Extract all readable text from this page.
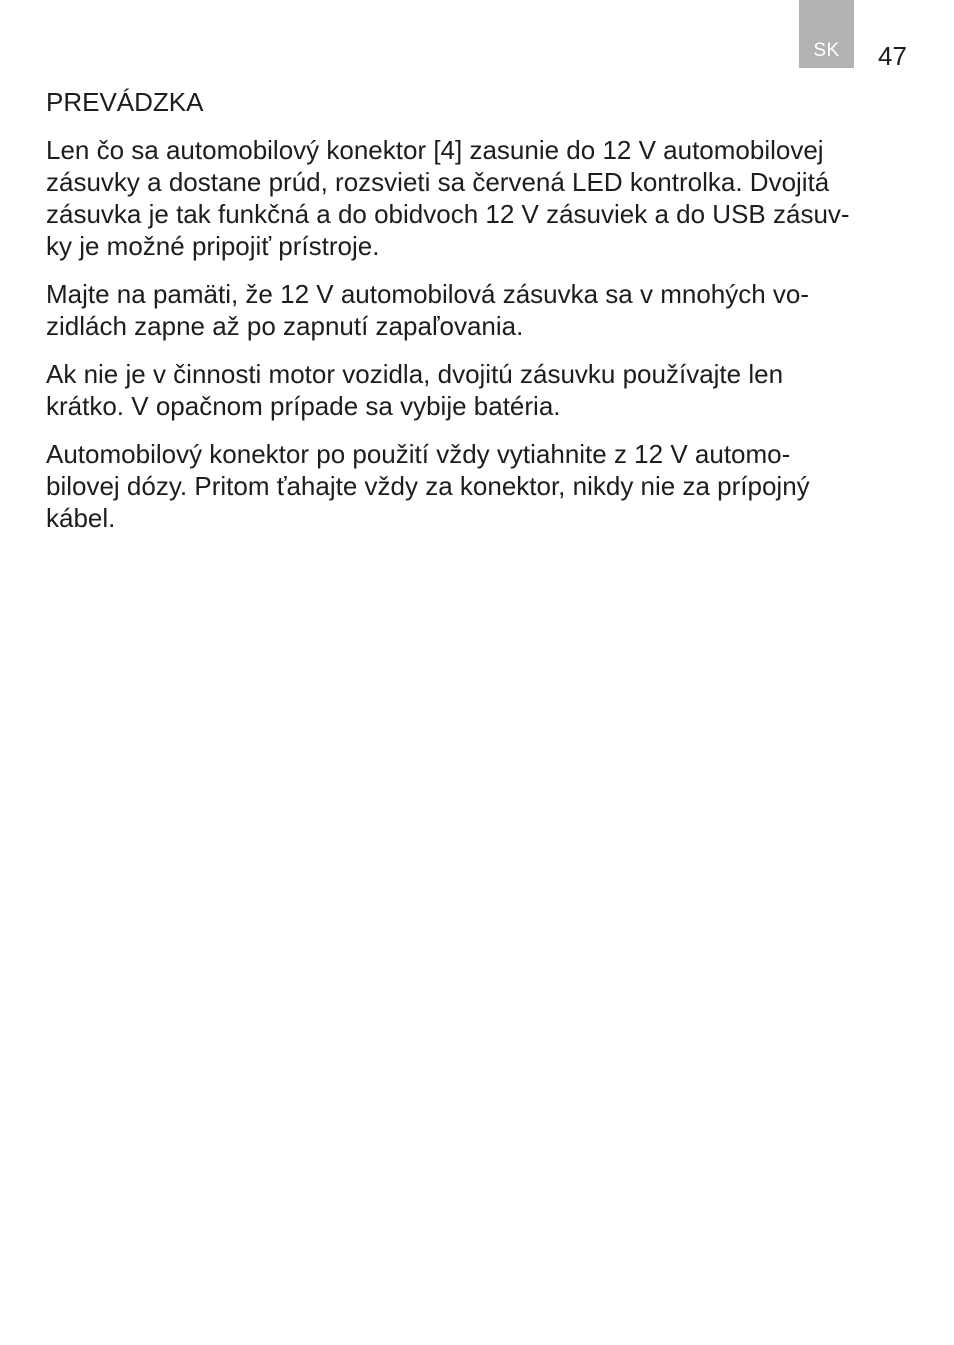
SK 47
PREVÁDZKA

Len čo sa automobilový konektor [4] zasunie do 12 V automobilovej
zásuvky a dostane prúd, rozsvieti sa červená LED kontrolka. Dvojitá
zásuvka je tak funkčná a do obidvoch 12 V zásuviek a do USB zásuv-
ky je možné pripojiť prístroje.

Majte na pamäti, že 12 V automobilová zásuvka sa v mnohých vo-
zidlách zapne až po zapnutí zapaľovania.

Ak nie je v činnosti motor vozidla, dvojitú zásuvku používajte len
krátko. V opačnom prípade sa vybije batéria.

Automobilový konektor po použití vždy vytiahnite z 12 V automo-
bilovej dózy. Pritom ťahajte vždy za konektor, nikdy nie za prípojný
kábel.
